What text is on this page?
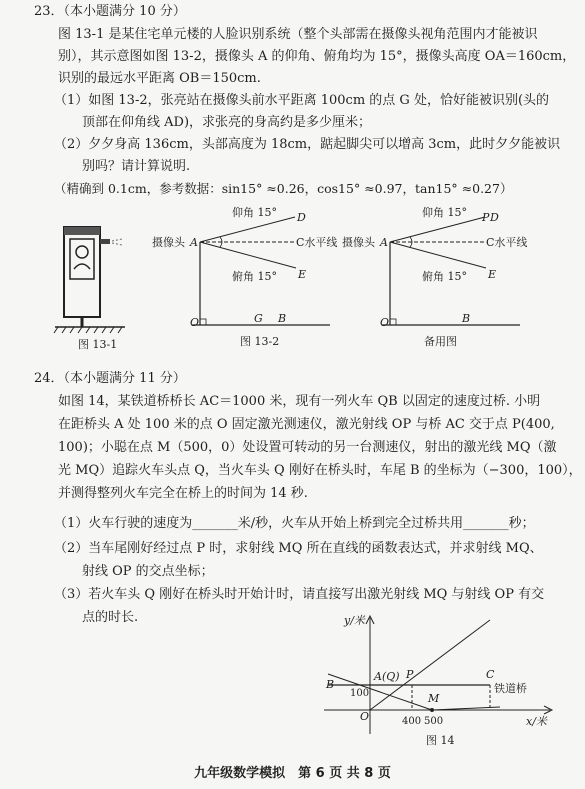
23．（本小题满分 10 分）
图 13-1 是某住宅单元楼的人脸识别系统（整个头部需在摄像头视角范围内才能被识
别），其示意图如图 13-2，摄像头 A 的仰角、俯角均为 15°，摄像头高度 OA＝160cm，
识别的最远水平距离 OB＝150cm.
（1）如图 13-2，张亮站在摄像头前水平距离 100cm 的点 G 处，恰好能被识别(头的
顶部在仰角线 AD)，求张亮的身高约是多少厘米；
（2）夕夕身高 136cm，头部高度为 18cm，踮起脚尖可以增高 3cm，此时夕夕能被识
别吗？请计算说明.
（精确到 0.1cm，参考数据：sin15° ≈0.26，cos15° ≈0.97，tan15° ≈0.27）
图 13-1
仰角 15° D
摄像头 A	C水平线
俯角 15° E
O	G B
图 13-2
仰角 15° P D
摄像头 A	C水平线
俯角 15° E
O	B
备用图
24．（本小题满分 11 分）
如图 14，某铁道桥桥长 AC＝1000 米，现有一列火车 QB 以固定的速度过桥. 小明
在距桥头 A 处 100 米的点 O 固定激光测速仪，激光射线 OP 与桥 AC 交于点 P(400,
100)；小聪在点 M（500，0）处设置可转动的另一台测速仪，射出的激光线 MQ（激
光 MQ）追踪火车头点 Q，当火车头 Q 刚好在桥头时，车尾 B 的坐标为（−300，100），
并测得整列火车完全在桥上的时间为 14 秒.
（1）火车行驶的速度为_______米/秒，火车从开始上桥到完全过桥共用_______秒；
（2）当车尾刚好经过点 P 时，求射线 MQ 所在直线的函数表达式，并求射线 MQ、
射线 OP 的交点坐标；
（3）若火车头 Q 刚好在桥头时开始计时，请直接写出激光射线 MQ 与射线 OP 有交
点的时长.	y/米
x/米
B
100
A(Q) P	C
铁道桥
M
O	400 500
图 14
九年级数学模拟　第 6 页 共 8 页
